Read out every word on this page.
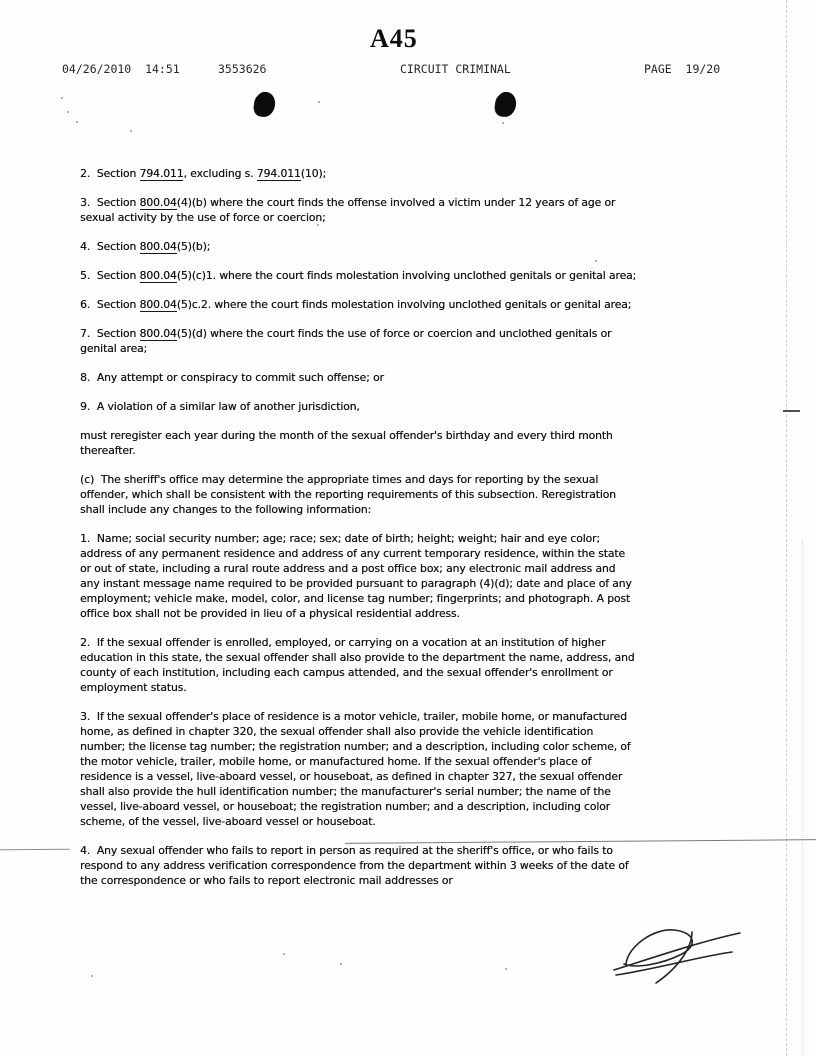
A45
04/26/2010  14:51	3553626	CIRCUIT CRIMINAL	PAGE  19/20

2.  Section 794.011, excluding s. 794.011(10);

3.  Section 800.04(4)(b) where the court finds the offense involved a victim under 12 years of age or sexual activity by the use of force or coercion;

4.  Section 800.04(5)(b);

5.  Section 800.04(5)(c)1. where the court finds molestation involving unclothed genitals or genital area;

6.  Section 800.04(5)c.2. where the court finds molestation involving unclothed genitals or genital area;

7.  Section 800.04(5)(d) where the court finds the use of force or coercion and unclothed genitals or genital area;

8.  Any attempt or conspiracy to commit such offense; or

9.  A violation of a similar law of another jurisdiction,

must reregister each year during the month of the sexual offender's birthday and every third month thereafter.

(c)  The sheriff's office may determine the appropriate times and days for reporting by the sexual offender, which shall be consistent with the reporting requirements of this subsection. Reregistration shall include any changes to the following information:

1.  Name; social security number; age; race; sex; date of birth; height; weight; hair and eye color; address of any permanent residence and address of any current temporary residence, within the state or out of state, including a rural route address and a post office box; any electronic mail address and any instant message name required to be provided pursuant to paragraph (4)(d); date and place of any employment; vehicle make, model, color, and license tag number; fingerprints; and photograph. A post office box shall not be provided in lieu of a physical residential address.

2.  If the sexual offender is enrolled, employed, or carrying on a vocation at an institution of higher education in this state, the sexual offender shall also provide to the department the name, address, and county of each institution, including each campus attended, and the sexual offender's enrollment or employment status.

3.  If the sexual offender's place of residence is a motor vehicle, trailer, mobile home, or manufactured home, as defined in chapter 320, the sexual offender shall also provide the vehicle identification number; the license tag number; the registration number; and a description, including color scheme, of the motor vehicle, trailer, mobile home, or manufactured home. If the sexual offender's place of residence is a vessel, live-aboard vessel, or houseboat, as defined in chapter 327, the sexual offender shall also provide the hull identification number; the manufacturer's serial number; the name of the vessel, live-aboard vessel, or houseboat; the registration number; and a description, including color scheme, of the vessel, live-aboard vessel or houseboat.

4.  Any sexual offender who fails to report in person as required at the sheriff's office, or who fails to respond to any address verification correspondence from the department within 3 weeks of the date of the correspondence or who fails to report electronic mail addresses or
